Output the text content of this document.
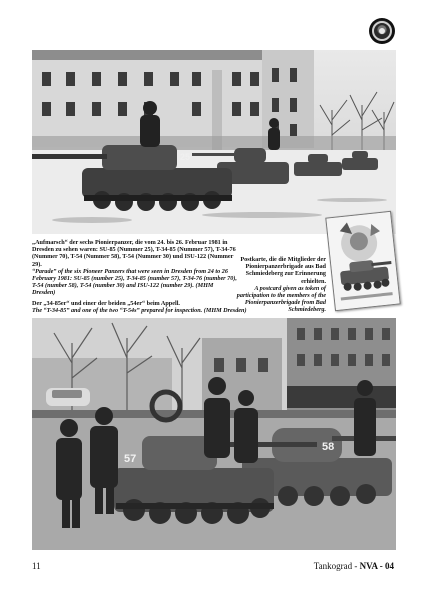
25

„Aufmarsch“ der sechs Pionierpanzer, die vom 24. bis 26. Februar 1981 in Dresden zu sehen waren: SU-85 (Nummer 25), T-34-85 (Nummer 57), T-34-76 (Nummer 70), T-54 (Nummer 58), T-54 (Nummer 30) und ISU-122 (Nummer 29).
“Parade” of the six Pioneer Panzers that were seen in Dresden from 24 to 26 February 1981: SU-85 (number 25), T-34-85 (number 57), T-34-76 (number 70), T-54 (number 58), T-54 (number 30) and ISU-122 (number 29). (MHM Dresden)

Postkarte, die die Mitglieder der Pionierpanzerbrigade aus Bad Schmiedeberg zur Erinnerung erhielten.
A postcard given as token of participation to the members of the Pionierpanzerbrigade from Bad Schmiedeberg.

Der „34-85er“ und einer der beiden „54er“ beim Appell.
The “T-34-85” and one of the two “T-54s” prepared for inspection. (MHM Dresden)

58
57
11	Tankograd - NVA - 04
